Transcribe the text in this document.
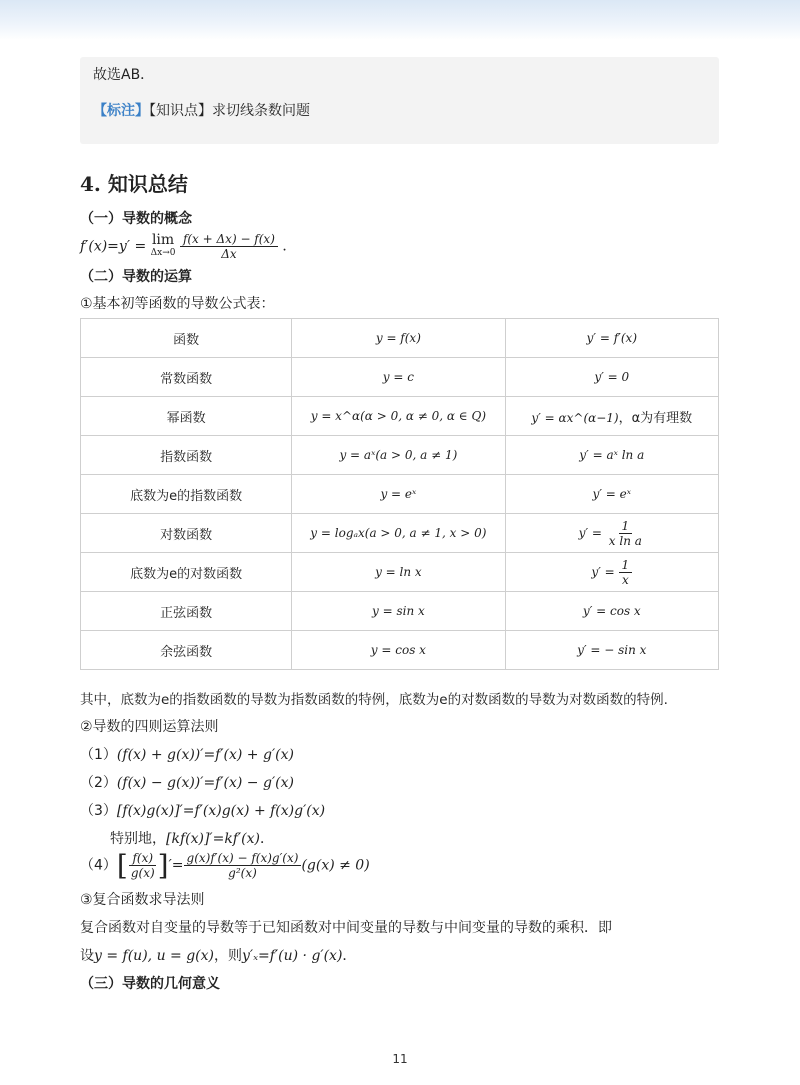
故选AB．
【标注】【知识点】求切线条数问题
4. 知识总结
（一）导数的概念
f′(x)=y′ = lim
Δx→0
$\frac{f(x + \Delta x) - f(x)}{\Delta x}$ ．
（二）导数的运算
①基本初等函数的导数公式表：
函数	y = f(x)	y′ = f′(x)
常数函数	y = c	y′ = 0
幂函数	y = x^α(α > 0, α ≠ 0, α ∈ Q)	y′ = αx^(α−1)，α为有理数
指数函数	y = aˣ(a > 0, a ≠ 1)	y′ = aˣ ln a
底数为e的指数函数	y = eˣ	y′ = eˣ
对数函数	y = logₐx(a > 0, a ≠ 1, x > 0)	$y' = \frac{1}{\text{x ln a}}$

底数为e的对数函数	y = ln x	$y' = \frac{1}{x}$

正弦函数	y = sin x	y′ = cos x
余弦函数	y = cos x	y′ = − sin x
其中，底数为e的指数函数的导数为指数函数的特例，底数为e的对数函数的导数为对数函数的特例.
②导数的四则运算法则
（1）(f(x) + g(x))′=f′(x) + g′(x)
（2）(f(x) − g(x))′=f′(x) − g′(x)
（3）[f(x)g(x)]′=f′(x)g(x) + f(x)g′(x)
特别地，[kf(x)]′=kf′(x)．
$(4)[ \frac{f(x)}{g(x)}$ ]′= $\frac{g(x)f'(x) - f(x)g'(x)}{\text{g²(x)}} (g(x) \ne 0)$
③复合函数求导法则
复合函数对自变量的导数等于已知函数对中间变量的导数与中间变量的导数的乘积．即
设y = f(u), u = g(x)，则y′ₓ=f′(u) · g′(x)．
（三）导数的几何意义
11
